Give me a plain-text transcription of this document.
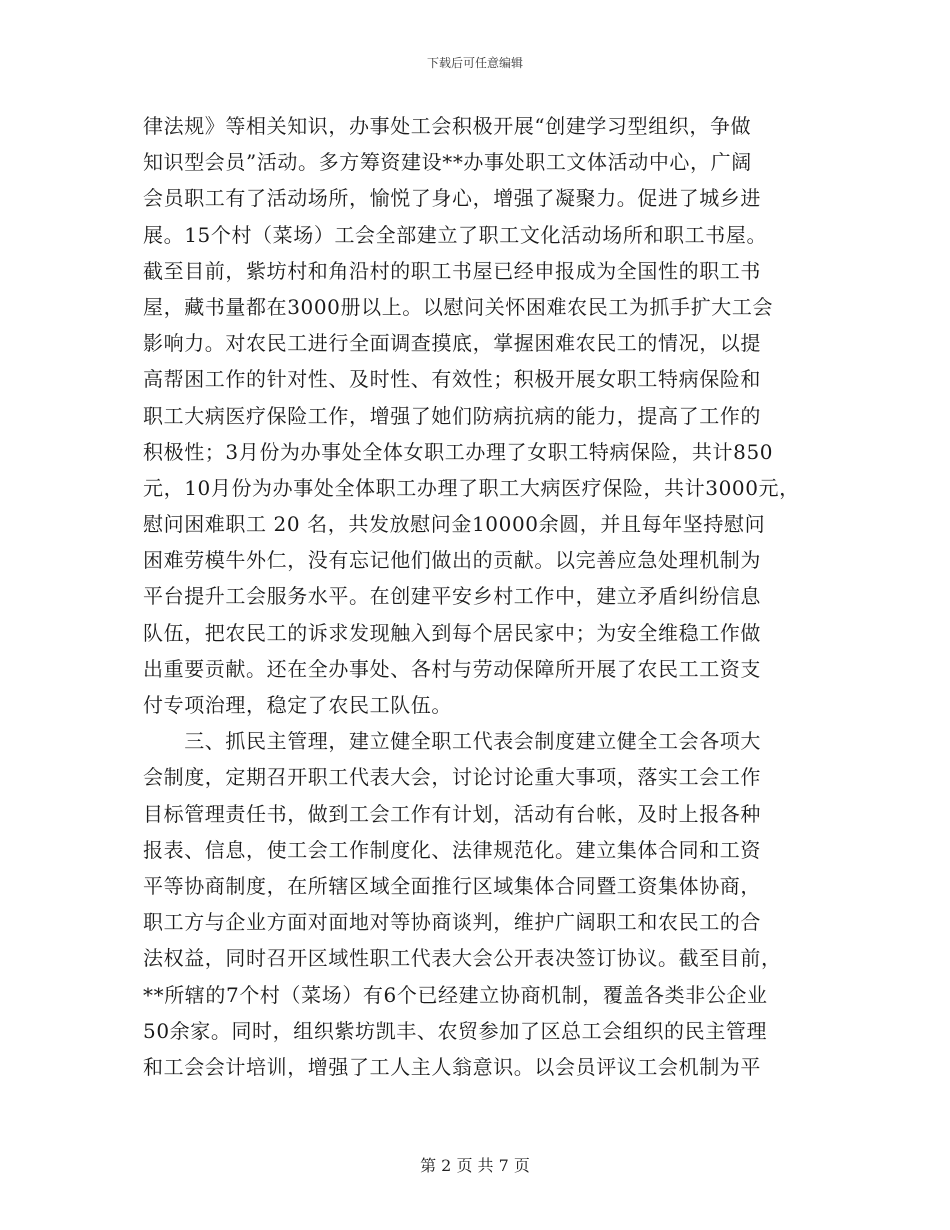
下载后可任意编辑
律法规》等相关知识，办事处工会积极开展“创建学习型组织，争做
知识型会员”活动。多方筹资建设**办事处职工文体活动中心，广阔
会员职工有了活动场所，愉悦了身心，增强了凝聚力。促进了城乡进
展。15个村（菜场）工会全部建立了职工文化活动场所和职工书屋。
截至目前，紫坊村和角沿村的职工书屋已经申报成为全国性的职工书
屋，藏书量都在3000册以上。以慰问关怀困难农民工为抓手扩大工会
影响力。对农民工进行全面调查摸底，掌握困难农民工的情况，以提
高帮困工作的针对性、及时性、有效性；积极开展女职工特病保险和
职工大病医疗保险工作，增强了她们防病抗病的能力，提高了工作的
积极性；3月份为办事处全体女职工办理了女职工特病保险，共计850
元，10月份为办事处全体职工办理了职工大病医疗保险，共计3000元，
慰问困难职工 20 名，共发放慰问金10000余圆，并且每年坚持慰问
困难劳模牛外仁，没有忘记他们做出的贡献。以完善应急处理机制为
平台提升工会服务水平。在创建平安乡村工作中，建立矛盾纠纷信息
队伍，把农民工的诉求发现触入到每个居民家中；为安全维稳工作做
出重要贡献。还在全办事处、各村与劳动保障所开展了农民工工资支
付专项治理，稳定了农民工队伍。
　　三、抓民主管理，建立健全职工代表会制度建立健全工会各项大
会制度，定期召开职工代表大会，讨论讨论重大事项，落实工会工作
目标管理责任书，做到工会工作有计划，活动有台帐，及时上报各种
报表、信息，使工会工作制度化、法律规范化。建立集体合同和工资
平等协商制度，在所辖区域全面推行区域集体合同暨工资集体协商，
职工方与企业方面对面地对等协商谈判，维护广阔职工和农民工的合
法权益，同时召开区域性职工代表大会公开表决签订协议。截至目前，
**所辖的7个村（菜场）有6个已经建立协商机制，覆盖各类非公企业
50余家。同时，组织紫坊凯丰、农贸参加了区总工会组织的民主管理
和工会会计培训，增强了工人主人翁意识。以会员评议工会机制为平
第 2 页 共 7 页
